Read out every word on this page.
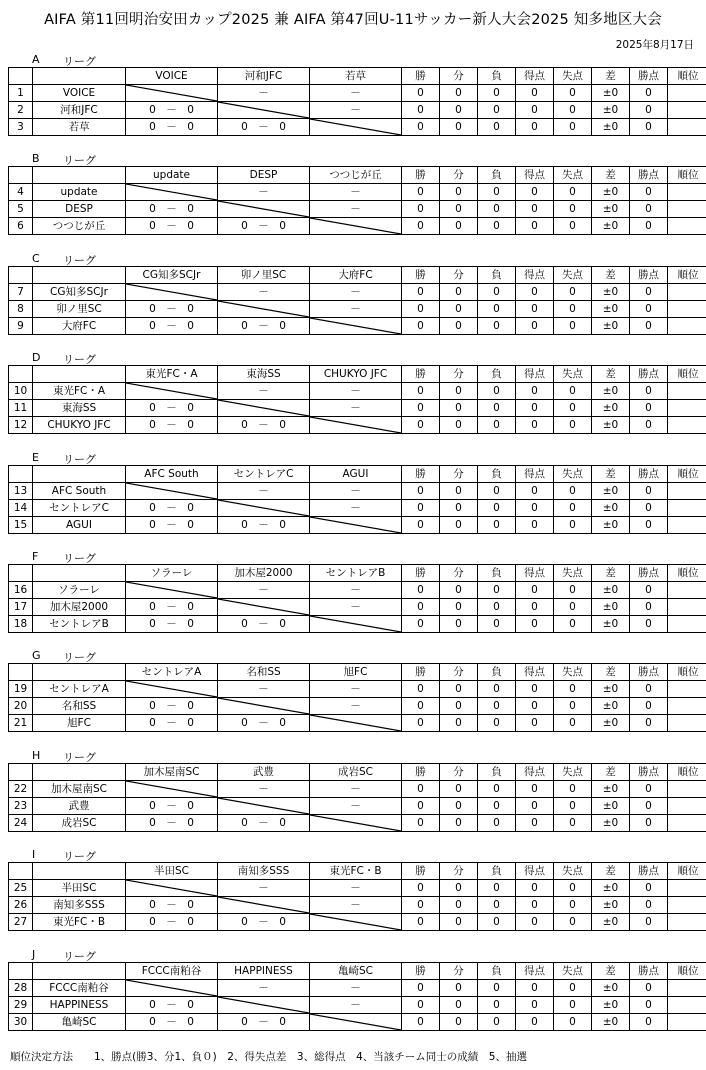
AIFA 第11回明治安田カップ2025 兼 AIFA 第47回U-11サッカー新人大会2025 知多地区大会
2025年8月17日
A リーグ
		VOICE	河和JFC	若草	勝	分	負	得点	失点	差	勝点	順位
1	VOICE		－	－	0	0	0	0	0	±0	0	
2	河和JFC	0　－　0		－	0	0	0	0	0	±0	0	
3	若草	0　－　0	0　－　0		0	0	0	0	0	±0	0	
B リーグ
		update	DESP	つつじが丘	勝	分	負	得点	失点	差	勝点	順位
4	update		－	－	0	0	0	0	0	±0	0	
5	DESP	0　－　0		－	0	0	0	0	0	±0	0	
6	つつじが丘	0　－　0	0　－　0		0	0	0	0	0	±0	0	
C リーグ
		CG知多SCJr	卯ノ里SC	大府FC	勝	分	負	得点	失点	差	勝点	順位
7	CG知多SCJr		－	－	0	0	0	0	0	±0	0	
8	卯ノ里SC	0　－　0		－	0	0	0	0	0	±0	0	
9	大府FC	0　－　0	0　－　0		0	0	0	0	0	±0	0	
D リーグ
		東光FC・A	東海SS	CHUKYO JFC	勝	分	負	得点	失点	差	勝点	順位
10	東光FC・A		－	－	0	0	0	0	0	±0	0	
11	東海SS	0　－　0		－	0	0	0	0	0	±0	0	
12	CHUKYO JFC	0　－　0	0　－　0		0	0	0	0	0	±0	0	
E リーグ
		AFC South	セントレアC	AGUI	勝	分	負	得点	失点	差	勝点	順位
13	AFC South		－	－	0	0	0	0	0	±0	0	
14	セントレアC	0　－　0		－	0	0	0	0	0	±0	0	
15	AGUI	0　－　0	0　－　0		0	0	0	0	0	±0	0	
F リーグ
		ソラーレ	加木屋2000	セントレアB	勝	分	負	得点	失点	差	勝点	順位
16	ソラーレ		－	－	0	0	0	0	0	±0	0	
17	加木屋2000	0　－　0		－	0	0	0	0	0	±0	0	
18	セントレアB	0　－　0	0　－　0		0	0	0	0	0	±0	0	
G リーグ
		セントレアA	名和SS	旭FC	勝	分	負	得点	失点	差	勝点	順位
19	セントレアA		－	－	0	0	0	0	0	±0	0	
20	名和SS	0　－　0		－	0	0	0	0	0	±0	0	
21	旭FC	0　－　0	0　－　0		0	0	0	0	0	±0	0	
H リーグ
		加木屋南SC	武豊	成岩SC	勝	分	負	得点	失点	差	勝点	順位
22	加木屋南SC		－	－	0	0	0	0	0	±0	0	
23	武豊	0　－　0		－	0	0	0	0	0	±0	0	
24	成岩SC	0　－　0	0　－　0		0	0	0	0	0	±0	0	
I	リーグ
		半田SC	南知多SSS	東光FC・B	勝	分	負	得点	失点	差	勝点	順位
25	半田SC		－	－	0	0	0	0	0	±0	0	
26	南知多SSS	0　－　0		－	0	0	0	0	0	±0	0	
27	東光FC・B	0　－　0	0　－　0		0	0	0	0	0	±0	0	
J	リーグ
		FCCC南粕谷	HAPPINESS	亀崎SC	勝	分	負	得点	失点	差	勝点	順位
28	FCCC南粕谷		－	－	0	0	0	0	0	±0	0	
29	HAPPINESS	0　－　0		－	0	0	0	0	0	±0	0	
30	亀崎SC	0　－　0	0　－　0		0	0	0	0	0	±0	0	
順位決定方法　　1、勝点(勝3、分1、負０)　2、得失点差　3、総得点　4、当該チーム同士の成績　5、抽選
